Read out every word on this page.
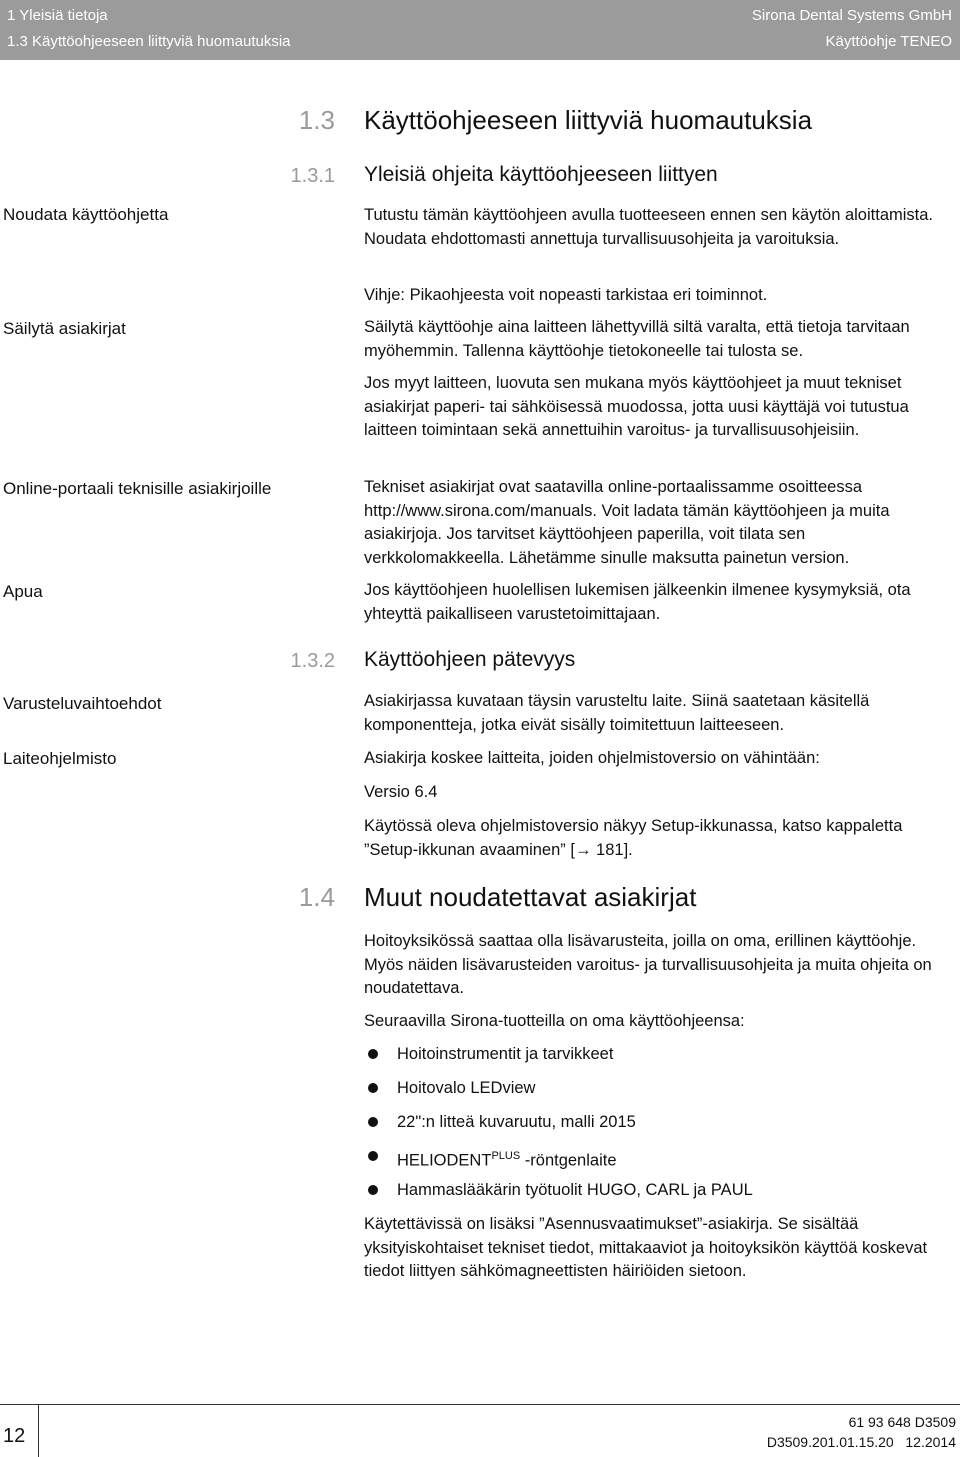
1 Yleisiä tietoja
1.3 Käyttöohjeeseen liittyviä huomautuksia
Sirona Dental Systems GmbH
Käyttöohje TENEO
1.3 Käyttöohjeeseen liittyviä huomautuksia
1.3.1 Yleisiä ohjeita käyttöohjeeseen liittyen
Noudata käyttöohjetta	Tutustu tämän käyttöohjeen avulla tuotteeseen ennen sen käytön aloittamista. Noudata ehdottomasti annettuja turvallisuusohjeita ja varoituksia.
Vihje: Pikaohjeesta voit nopeasti tarkistaa eri toiminnot.
Säilytä asiakirjat	Säilytä käyttöohje aina laitteen lähettyvillä siltä varalta, että tietoja tarvitaan myöhemmin. Tallenna käyttöohje tietokoneelle tai tulosta se.
Jos myyt laitteen, luovuta sen mukana myös käyttöohjeet ja muut tekniset asiakirjat paperi- tai sähköisessä muodossa, jotta uusi käyttäjä voi tutustua laitteen toimintaan sekä annettuihin varoitus- ja turvallisuusohjeisiin.
Online-portaali teknisille asiakirjoille	Tekniset asiakirjat ovat saatavilla online-portaalissamme osoitteessa http://www.sirona.com/manuals. Voit ladata tämän käyttöohjeen ja muita asiakirjoja. Jos tarvitset käyttöohjeen paperilla, voit tilata sen verkkolomakkeella. Lähetämme sinulle maksutta painetun version.
Apua	Jos käyttöohjeen huolellisen lukemisen jälkeenkin ilmenee kysymyksiä, ota yhteyttä paikalliseen varustetoimittajaan.
1.3.2 Käyttöohjeen pätevyys
Varusteluvaihtoehdot	Asiakirjassa kuvataan täysin varusteltu laite. Siinä saatetaan käsitellä komponentteja, jotka eivät sisälly toimitettuun laitteeseen.
Laiteohjelmisto	Asiakirja koskee laitteita, joiden ohjelmistoversio on vähintään:
Versio 6.4
Käytössä oleva ohjelmistoversio näkyy Setup-ikkunassa, katso kappaletta ”Setup-ikkunan avaaminen” [→ 181].
1.4 Muut noudatettavat asiakirjat
Hoitoyksikössä saattaa olla lisävarusteita, joilla on oma, erillinen käyttöohje. Myös näiden lisävarusteiden varoitus- ja turvallisuusohjeita ja muita ohjeita on noudatettava.
Seuraavilla Sirona-tuotteilla on oma käyttöohjeensa:
Hoitoinstrumentit ja tarvikkeet
Hoitovalo LEDview
22":n litteä kuvaruutu, malli 2015
$HELIODENT^{PLUS}$ -röntgenlaite
Hammaslääkärin työtuolit HUGO, CARL ja PAUL
Käytettävissä on lisäksi ”Asennusvaatimukset”-asiakirja. Se sisältää yksityiskohtaiset tekniset tiedot, mittakaaviot ja hoitoyksikön käyttöä koskevat tiedot liittyen sähkömagneettisten häiriöiden sietoon.
12
61 93 648 D3509
D3509.201.01.15.20   12.2014
